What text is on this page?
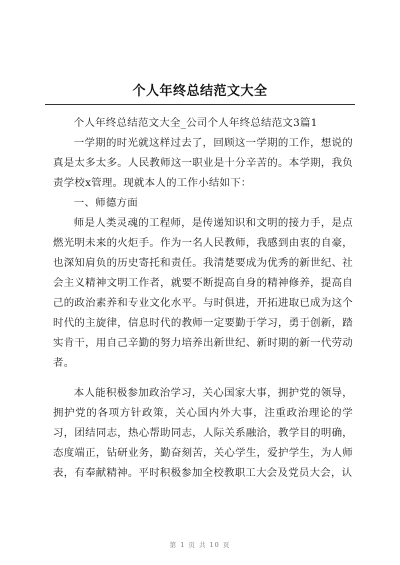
个人年终总结范文大全

个人年终总结范文大全_公司个人年终总结范文3篇1

一学期的时光就这样过去了，回顾这一学期的工作，想说的真是太多太多。人民教师这一职业是十分辛苦的。本学期，我负责学校x管理。现就本人的工作小结如下：

一、师德方面

师是人类灵魂的工程师，是传递知识和文明的接力手，是点燃光明未来的火炬手。作为一名人民教师，我感到由衷的自豪，也深知肩负的历史寄托和责任。我清楚要成为优秀的新世纪、社会主义精神文明工作者，就要不断提高自身的精神修养，提高自己的政治素养和专业文化水平。与时俱进，开拓进取已成为这个时代的主旋律，信息时代的教师一定要勤于学习，勇于创新，踏实肯干，用自己辛勤的努力培养出新世纪、新时期的新一代劳动者。

本人能积极参加政治学习，关心国家大事，拥护党的领导，拥护党的各项方针政策，关心国内外大事，注重政治理论的学习，团结同志，热心帮助同志，人际关系融洽，教学目的明确，态度端正，钻研业务，勤奋刻苦，关心学生，爱护学生，为人师表，有奉献精神。平时积极参加全校教职工大会及党员大会，认

第 1 页 共 10 页
